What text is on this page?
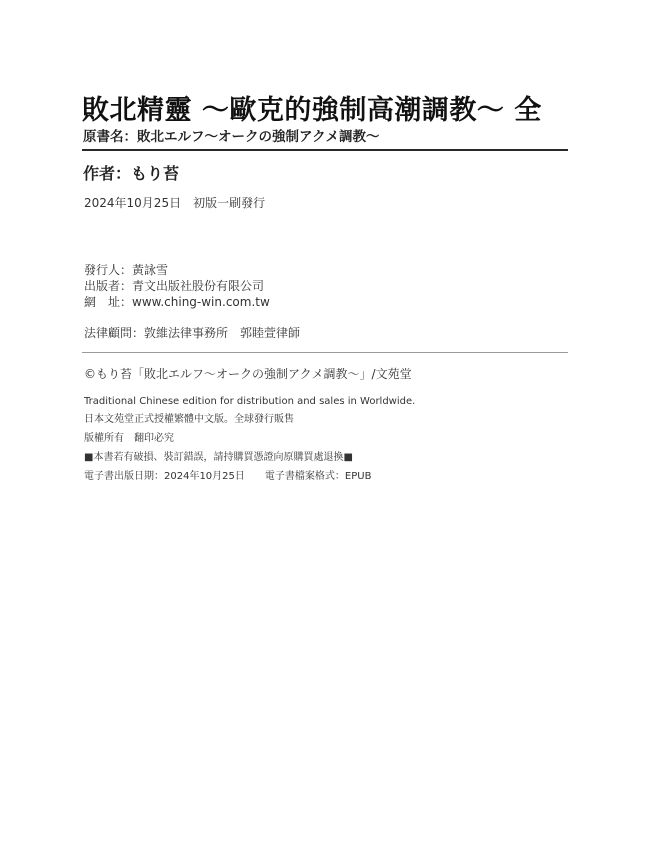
敗北精靈 ～歐克的強制高潮調教～ 全
原書名：敗北エルフ～オークの強制アクメ調教～
作者：もり苔
2024年10月25日　初版一刷發行
發行人：黃詠雪
出版者：青文出版社股份有限公司
網　址：www.ching-win.com.tw
法律顧問：敦維法律事務所　郭睦萱律師
©もり苔「敗北エルフ～オークの強制アクメ調教～」/文苑堂
Traditional Chinese edition for distribution and sales in Worldwide.
日本文苑堂正式授權繁體中文版。全球發行販售
版權所有　翻印必究
■本書若有破損、裝訂錯誤，請持購買憑證向原購買處退換■
電子書出版日期：2024年10月25日　　電子書檔案格式：EPUB
